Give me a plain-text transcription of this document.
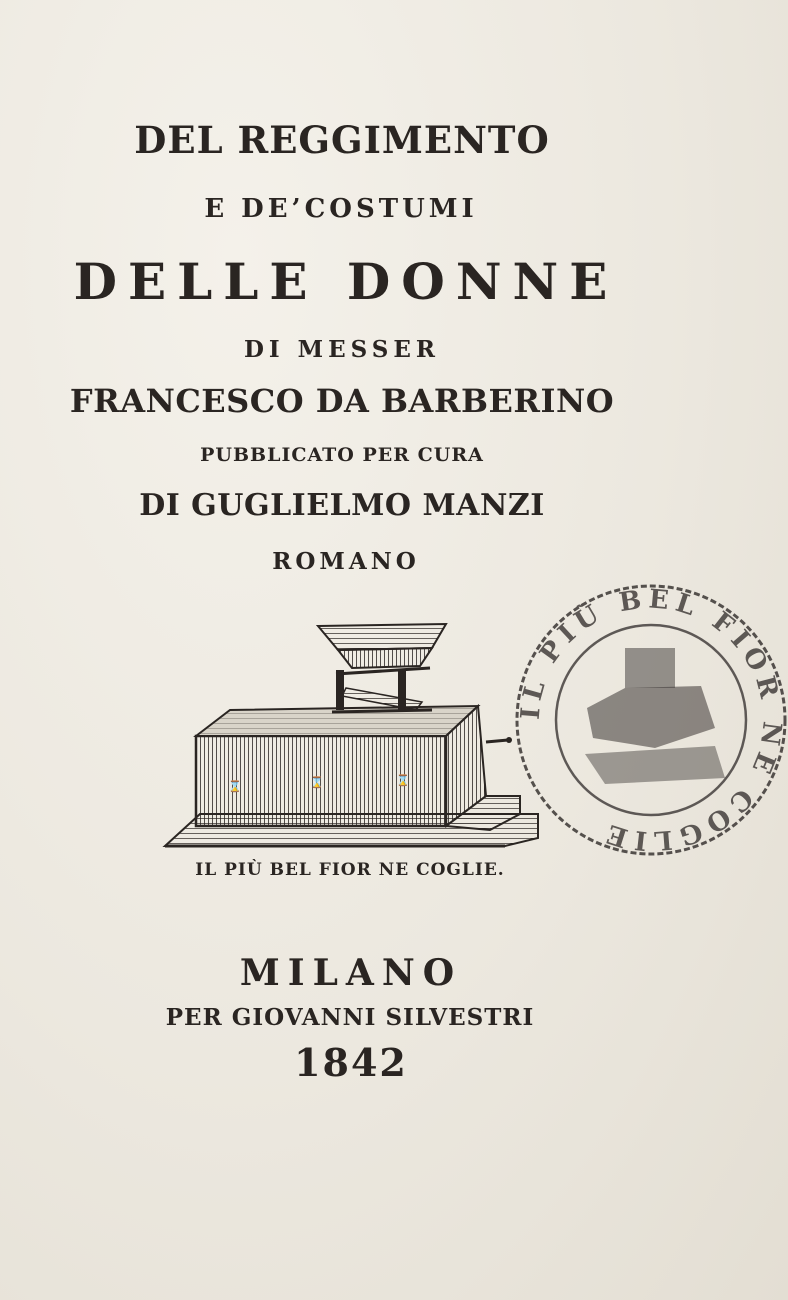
DEL REGGIMENTO
E DE’COSTUMI
DELLE DONNE
DI MESSER
FRANCESCO DA BARBERINO
PUBBLICATO PER CURA
DI GUGLIELMO MANZI
ROMANO
⌛	⌛	⌛
IL PIÙ BEL FIOR NE COGLIE.
IL PIÙ BEL FIOR NE COGLIE
MILANO
PER GIOVANNI SILVESTRI
1842
